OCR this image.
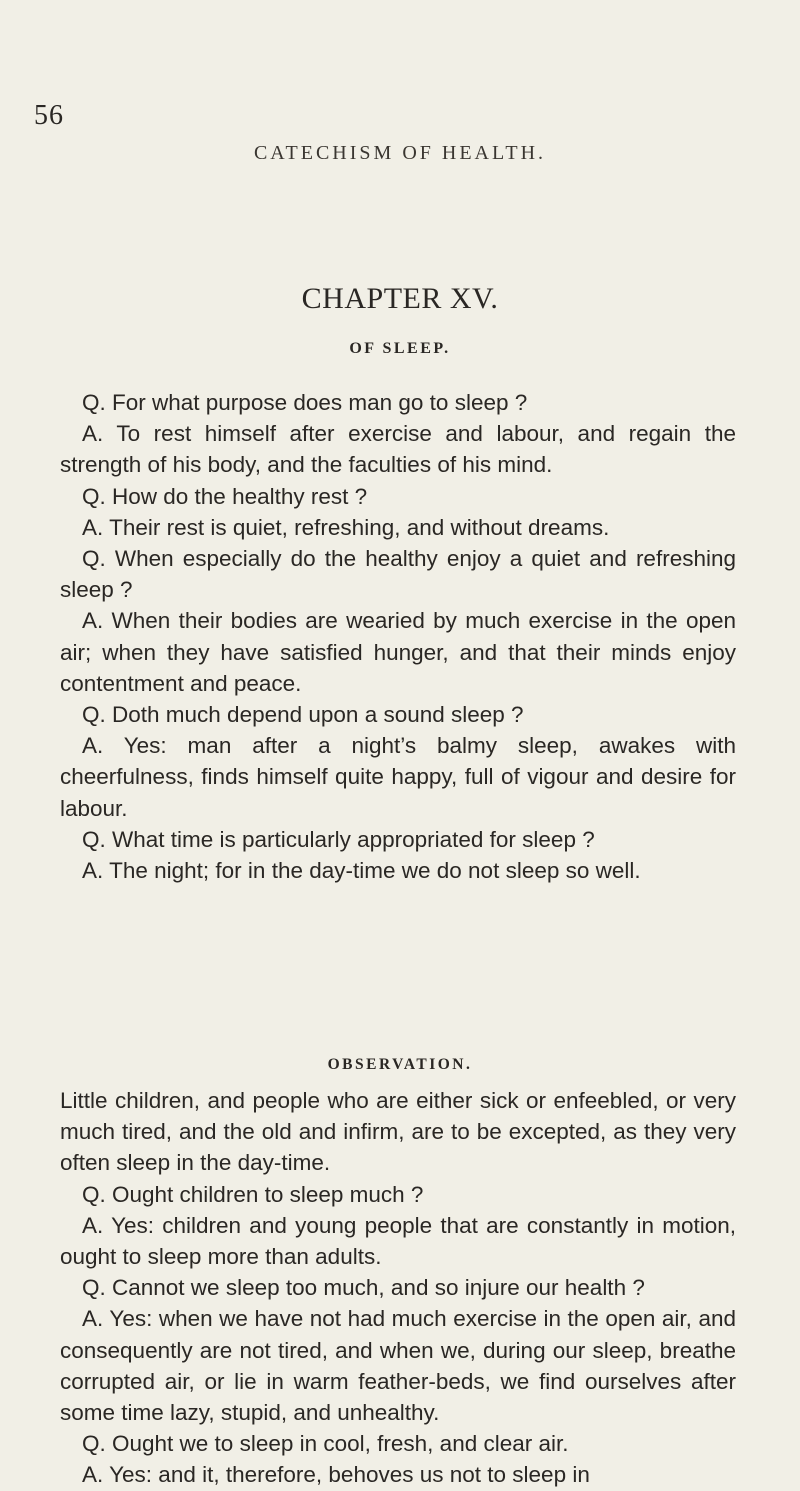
56
CATECHISM OF HEALTH.
CHAPTER XV.
OF SLEEP.

Q. For what purpose does man go to sleep ?

A. To rest himself after exercise and labour, and regain the strength of his body, and the faculties of his mind.

Q. How do the healthy rest ?

A. Their rest is quiet, refreshing, and without dreams.

Q. When especially do the healthy enjoy a quiet and refreshing sleep ?

A. When their bodies are wearied by much exercise in the open air; when they have satisfied hunger, and that their minds enjoy contentment and peace.

Q. Doth much depend upon a sound sleep ?

A. Yes: man after a night’s balmy sleep, awakes with cheerfulness, finds himself quite happy, full of vigour and desire for labour.

Q. What time is particularly appropriated for sleep ?

A. The night; for in the day-time we do not sleep so well.

OBSERVATION.

Little children, and people who are either sick or enfeebled, or very much tired, and the old and infirm, are to be excepted, as they very often sleep in the day-time.

Q. Ought children to sleep much ?

A. Yes: children and young people that are constantly in motion, ought to sleep more than adults.

Q. Cannot we sleep too much, and so injure our health ?

A. Yes: when we have not had much exercise in the open air, and consequently are not tired, and when we, during our sleep, breathe corrupted air, or lie in warm feather-beds, we find ourselves after some time lazy, stupid, and unhealthy.

Q. Ought we to sleep in cool, fresh, and clear air.

A. Yes: and it, therefore, behoves us not to sleep in
